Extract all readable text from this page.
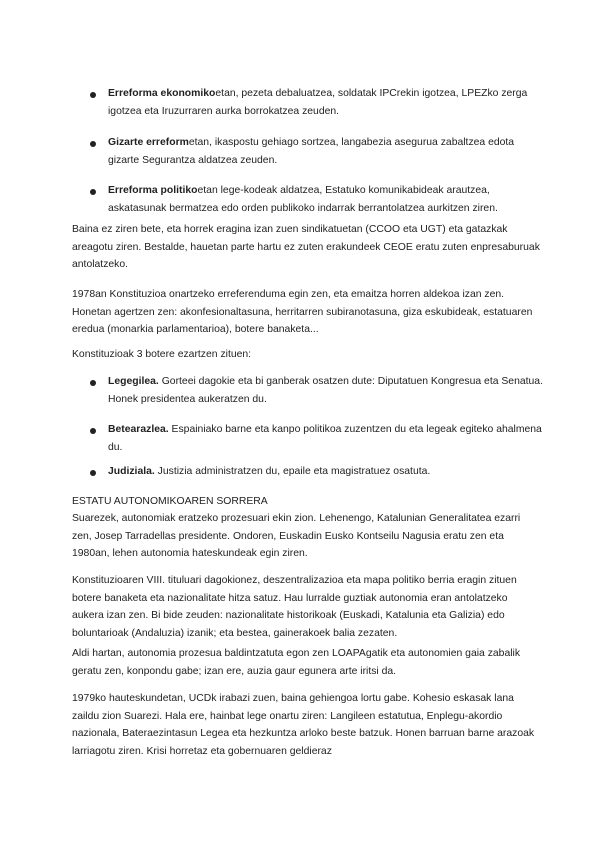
Erreforma ekonomikoetan, pezeta debaluatzea, soldatak IPCrekin igotzea, LPEZko zerga igotzea eta Iruzurraren aurka borrokatzea zeuden.

Gizarte erreformetan, ikaspostu gehiago sortzea, langabezia asegurua zabaltzea edota gizarte Segurantza aldatzea zeuden.

Erreforma politikoetan lege-kodeak aldatzea, Estatuko komunikabideak arautzea, askatasunak bermatzea edo orden publikoko indarrak berrantolatzea aurkitzen ziren.

Baina ez ziren bete, eta horrek eragina izan zuen sindikatuetan (CCOO eta UGT) eta gatazkak areagotu ziren. Bestalde, hauetan parte hartu ez zuten erakundeek CEOE eratu zuten enpresaburuak antolatzeko.

1978an Konstituzioa onartzeko erreferenduma egin zen, eta emaitza horren aldekoa izan zen. Honetan agertzen zen: akonfesionaltasuna, herritarren subiranotasuna, giza eskubideak, estatuaren eredua (monarkia parlamentarioa), botere banaketa...

Konstituzioak 3 botere ezartzen zituen:

Legegilea. Gorteei dagokie eta bi ganberak osatzen dute: Diputatuen Kongresua eta Senatua. Honek presidentea aukeratzen du.

Betearazlea. Espainiako barne eta kanpo politikoa zuzentzen du eta legeak egiteko ahalmena du.

Judiziala. Justizia administratzen du, epaile eta magistratuez osatuta.

ESTATU AUTONOMIKOAREN SORRERA

Suarezek, autonomiak eratzeko prozesuari ekin zion. Lehenengo, Katalunian Generalitatea ezarri zen, Josep Tarradellas presidente. Ondoren, Euskadin Eusko Kontseilu Nagusia eratu zen eta 1980an, lehen autonomia hateskundeak egin ziren.

Konstituzioaren VIII. tituluari dagokionez, deszentralizazioa eta mapa politiko berria eragin zituen botere banaketa eta nazionalitate hitza satuz. Hau lurralde guztiak autonomia eran antolatzeko aukera izan zen. Bi bide zeuden: nazionalitate historikoak (Euskadi, Katalunia eta Galizia) edo boluntarioak (Andaluzia) izanik; eta bestea, gainerakoek balia zezaten.

Aldi hartan, autonomia prozesua baldintzatuta egon zen LOAPAgatik eta autonomien gaia zabalik geratu zen, konpondu gabe; izan ere, auzia gaur egunera arte iritsi da.

1979ko hauteskundetan, UCDk irabazi zuen, baina gehiengoa lortu gabe. Kohesio eskasak lana zaildu zion Suarezi. Hala ere, hainbat lege onartu ziren: Langileen estatutua, Enplegu-akordio nazionala, Bateraezintasun Legea eta hezkuntza arloko beste batzuk. Honen barruan barne arazoak larriagotu ziren. Krisi horretaz eta gobernuaren geldieraz
